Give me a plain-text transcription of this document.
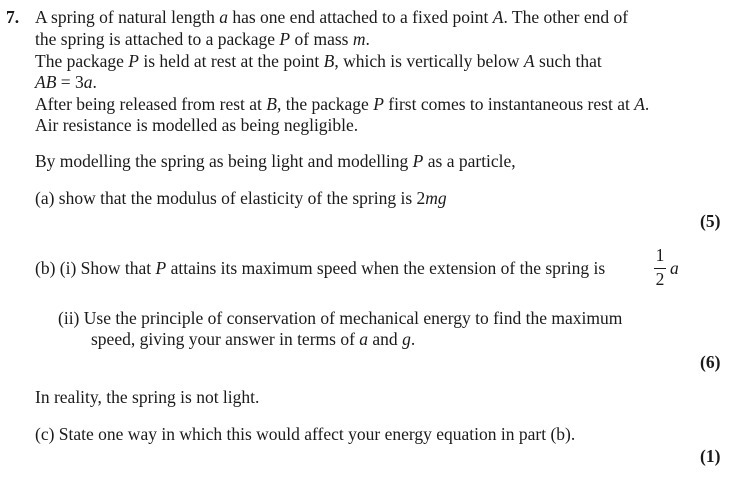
7. A spring of natural length a has one end attached to a fixed point A. The other end of
the spring is attached to a package P of mass m.
The package P is held at rest at the point B, which is vertically below A such that
AB = 3a.
After being released from rest at B, the package P first comes to instantaneous rest at A.
Air resistance is modelled as being negligible.
By modelling the spring as being light and modelling P as a particle,
(a) show that the modulus of elasticity of the spring is 2mg
(5)
(b) (i) Show that P attains its maximum speed when the extension of the spring is
1
2
a
(ii) Use the principle of conservation of mechanical energy to find the maximum
speed, giving your answer in terms of a and g.
(6)
In reality, the spring is not light.
(c) State one way in which this would affect your energy equation in part (b).
(1)
